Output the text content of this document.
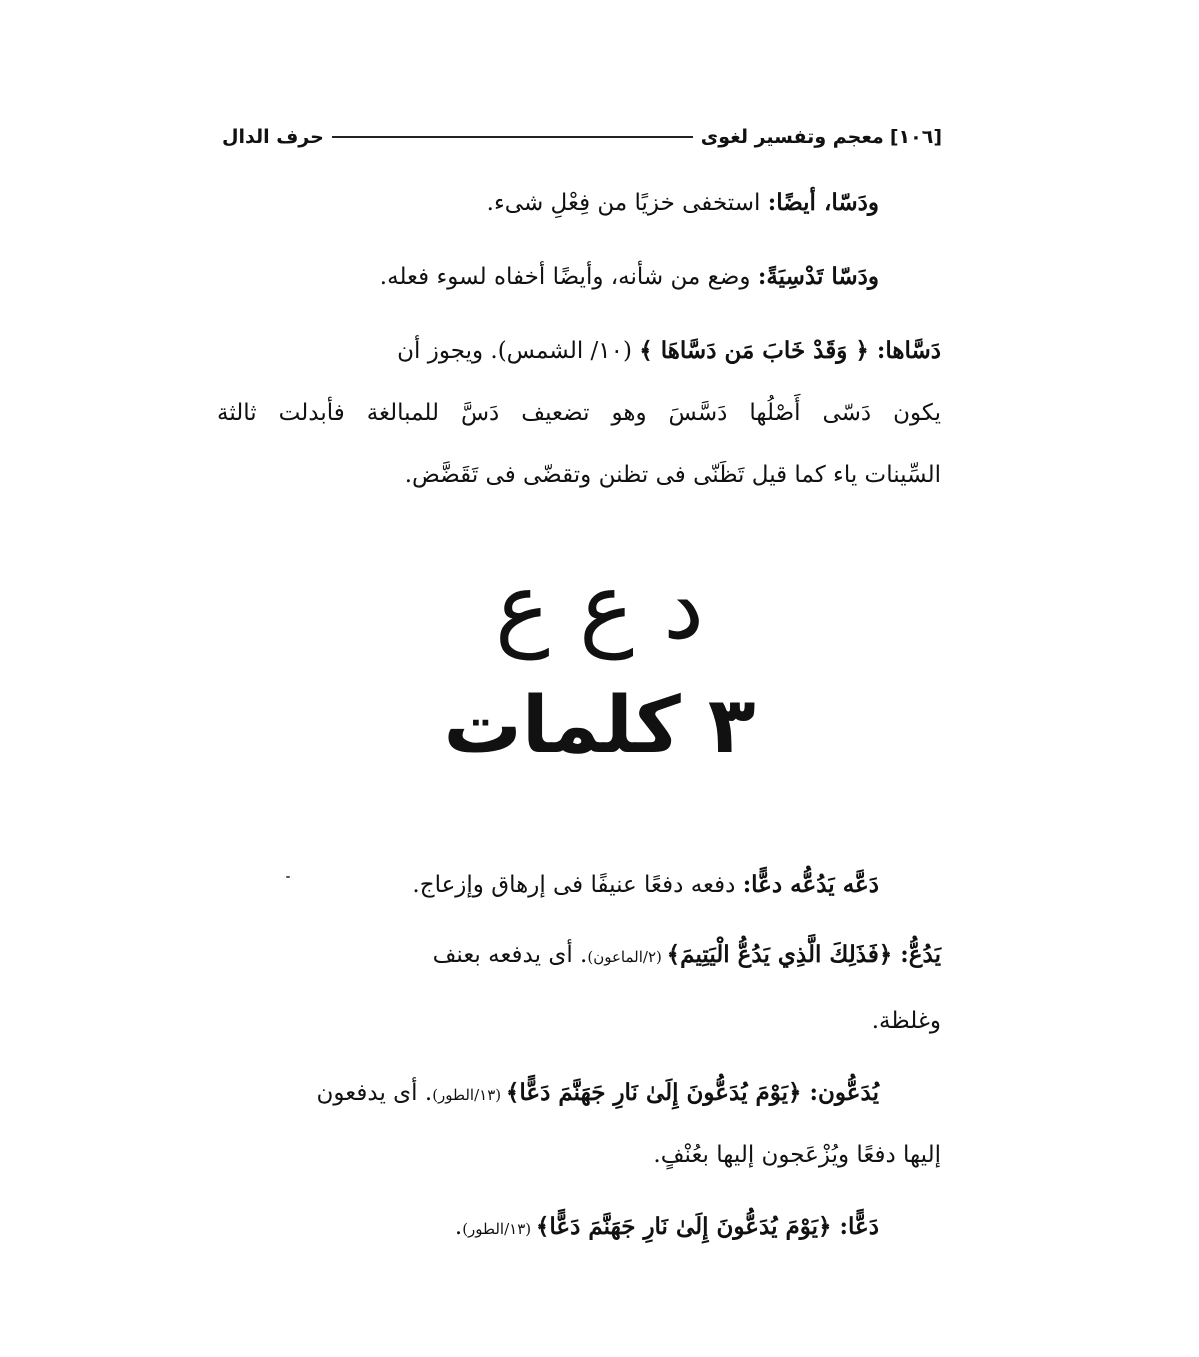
[١٠٦]
معجم وتفسير لغوى
حرف الدال
ودَسّا، أيضًا: استخفى خزيًا من فِعْلِ شىء.
ودَسّا تَدْسِيَةً: وضع من شأنه، وأيضًا أخفاه لسوء فعله.
دَسَّاها: ﴿ وَقَدْ خَابَ مَن دَسَّاهَا ﴾ (١٠/ الشمس). ويجوز أن
يكون دَسّى أَصْلُها دَسَّسَ وهو تضعيف دَسَّ للمبالغة فأبدلت ثالثة
السِّينات ياء كما قيل تَظَنّى فى تظنن وتقضّى فى تَقَضَّض.
د ع ع
٣ كلمات
دَعَّه يَدُعُّه دعًّا: دفعه دفعًا عنيفًا فى إرهاق وإزعاج.
يَدُعُّ: ﴿فَذَلِكَ الَّذِي يَدُعُّ الْيَتِيمَ﴾ (٢/الماعون). أى يدفعه بعنف
وغلظة.
يُدَعُّون: ﴿يَوْمَ يُدَعُّونَ إِلَىٰ نَارِ جَهَنَّمَ دَعًّا﴾ (١٣/الطور). أى يدفعون
إليها دفعًا ويُزْعَجون إليها بعُنْفٍ.
دَعًّا: ﴿يَوْمَ يُدَعُّونَ إِلَىٰ نَارِ جَهَنَّمَ دَعًّا﴾ (١٣/الطور).
